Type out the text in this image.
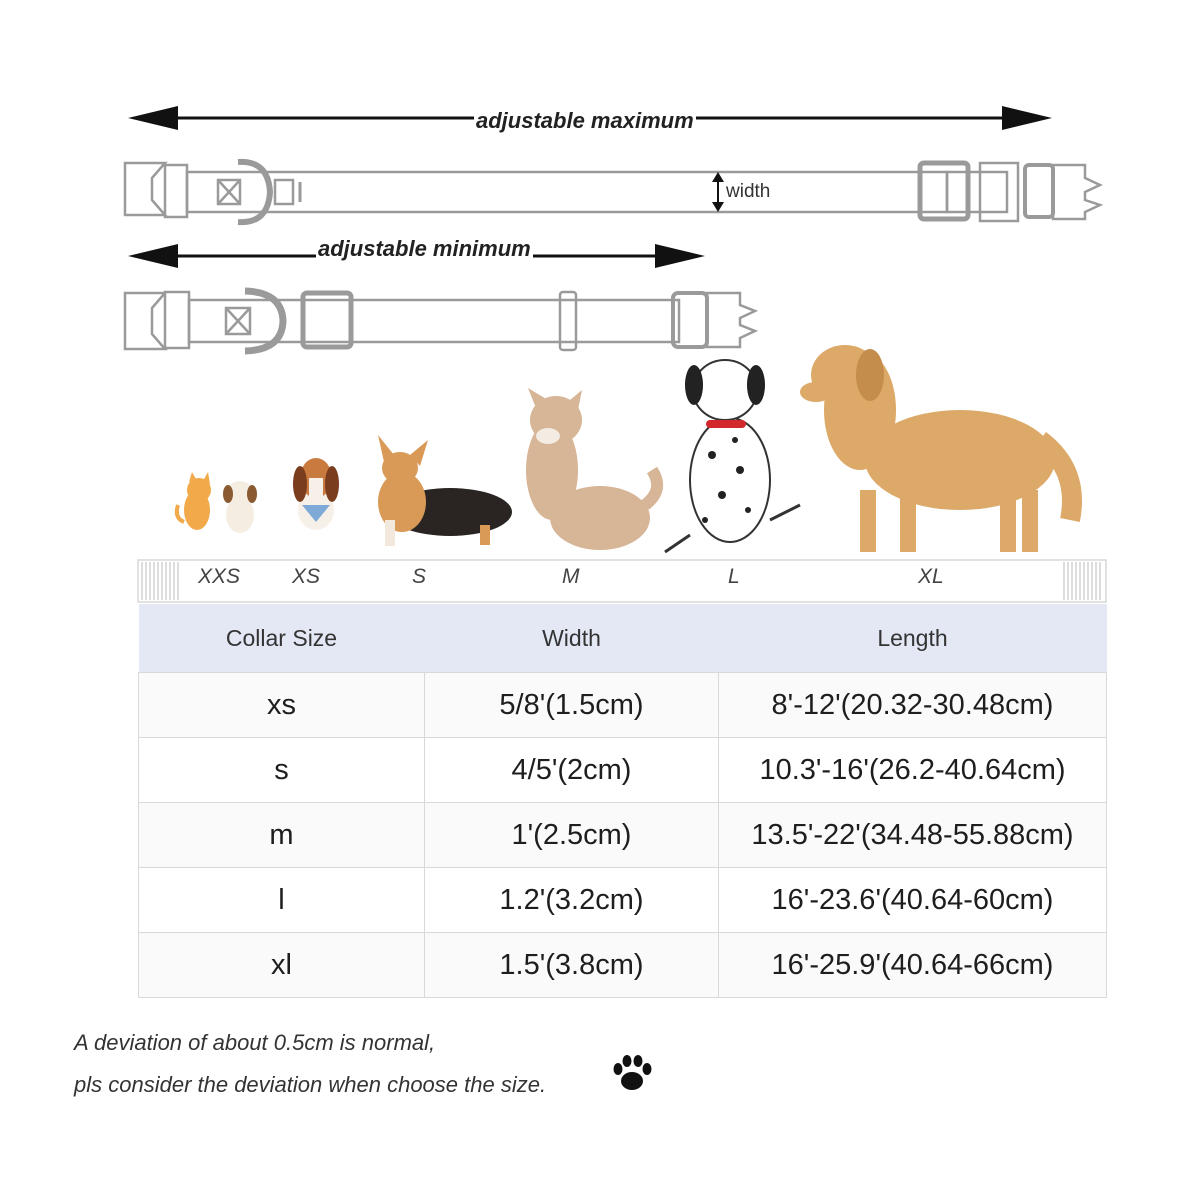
adjustable maximum
width
adjustable minimum
XXS XS	S	M	L	XL
Collar Size	Width	Length
xs	5/8'(1.5cm)	8'-12'(20.32-30.48cm)
s	4/5'(2cm)	10.3'-16'(26.2-40.64cm)
m	1'(2.5cm)	13.5'-22'(34.48-55.88cm)
l	1.2'(3.2cm)	16'-23.6'(40.64-60cm)
xl	1.5'(3.8cm)	16'-25.9'(40.64-66cm)
A deviation of about 0.5cm is normal,
pls consider the deviation when choose the size.
